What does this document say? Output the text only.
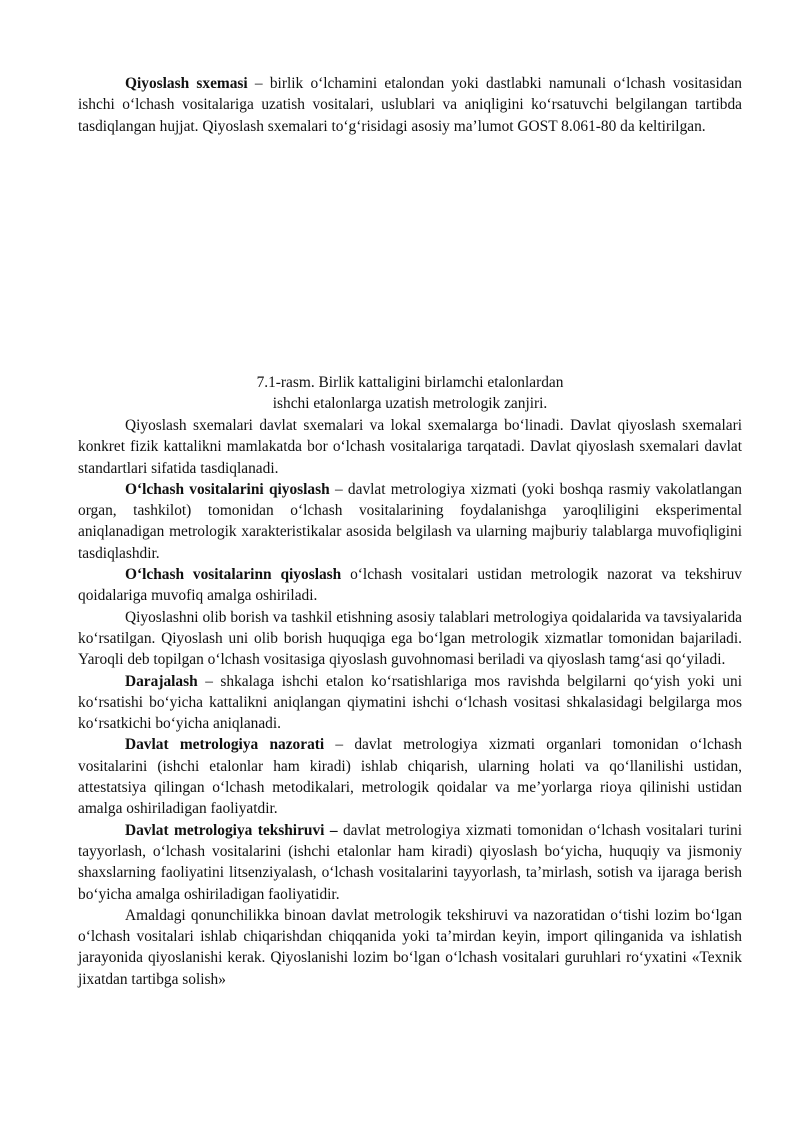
Qiyoslash sxemasi – birlik o‘lchamini etalondan yoki dastlabki namunali o‘lchash vositasidan ishchi o‘lchash vositalariga uzatish vositalari, uslublari va aniqligini ko‘rsatuvchi belgilangan tartibda tasdiqlangan hujjat. Qiyoslash sxemalari to‘g‘risidagi asosiy ma’lumot GOST 8.061-80 da keltirilgan.

7.1-rasm. Birlik kattaligini birlamchi etalonlardan
ishchi etalonlarga uzatish metrologik zanjiri.

Qiyoslash sxemalari davlat sxemalari va lokal sxemalarga bo‘linadi. Davlat qiyoslash sxemalari konkret fizik kattalikni mamlakatda bor o‘lchash vositalariga tarqatadi. Davlat qiyoslash sxemalari davlat standartlari sifatida tasdiqlanadi.

O‘lchash vositalarini qiyoslash – davlat metrologiya xizmati (yoki boshqa rasmiy vakolatlangan organ, tashkilot) tomonidan o‘lchash vositalarining foydalanishga yaroqliligini eksperimental aniqlanadigan metrologik xarakteristikalar asosida belgilash va ularning majburiy talablarga muvofiqligini tasdiqlashdir.

O‘lchash vositalarinn qiyoslash o‘lchash vositalari ustidan metrologik nazorat va tekshiruv qoidalariga muvofiq amalga oshiriladi.

Qiyoslashni olib borish va tashkil etishning asosiy talablari metrologiya qoidalarida va tavsiyalarida ko‘rsatilgan. Qiyoslash uni olib borish huquqiga ega bo‘lgan metrologik xizmatlar tomonidan bajariladi. Yaroqli deb topilgan o‘lchash vositasiga qiyoslash guvohnomasi beriladi va qiyoslash tamg‘asi qo‘yiladi.

Darajalash – shkalaga ishchi etalon ko‘rsatishlariga mos ravishda belgilarni qo‘yish yoki uni ko‘rsatishi bo‘yicha kattalikni aniqlangan qiymatini ishchi o‘lchash vositasi shkalasidagi belgilarga mos ko‘rsatkichi bo‘yicha aniqlanadi.

Davlat metrologiya nazorati – davlat metrologiya xizmati organlari tomonidan o‘lchash vositalarini (ishchi etalonlar ham kiradi) ishlab chiqarish, ularning holati va qo‘llanilishi ustidan, attestatsiya qilingan o‘lchash metodikalari, metrologik qoidalar va me’yorlarga rioya qilinishi ustidan amalga oshiriladigan faoliyatdir.

Davlat metrologiya tekshiruvi – davlat metrologiya xizmati tomonidan o‘lchash vositalari turini tayyorlash, o‘lchash vositalarini (ishchi etalonlar ham kiradi) qiyoslash bo‘yicha, huquqiy va jismoniy shaxslarning faoliyatini litsenziyalash, o‘lchash vositalarini tayyorlash, ta’mirlash, sotish va ijaraga berish bo‘yicha amalga oshiriladigan faoliyatidir.

Amaldagi qonunchilikka binoan davlat metrologik tekshiruvi va nazoratidan o‘tishi lozim bo‘lgan o‘lchash vositalari ishlab chiqarishdan chiqqanida yoki ta’mirdan keyin, import qilinganida va ishlatish jarayonida qiyoslanishi kerak. Qiyoslanishi lozim bo‘lgan o‘lchash vositalari guruhlari ro‘yxatini «Texnik jixatdan tartibga solish»
